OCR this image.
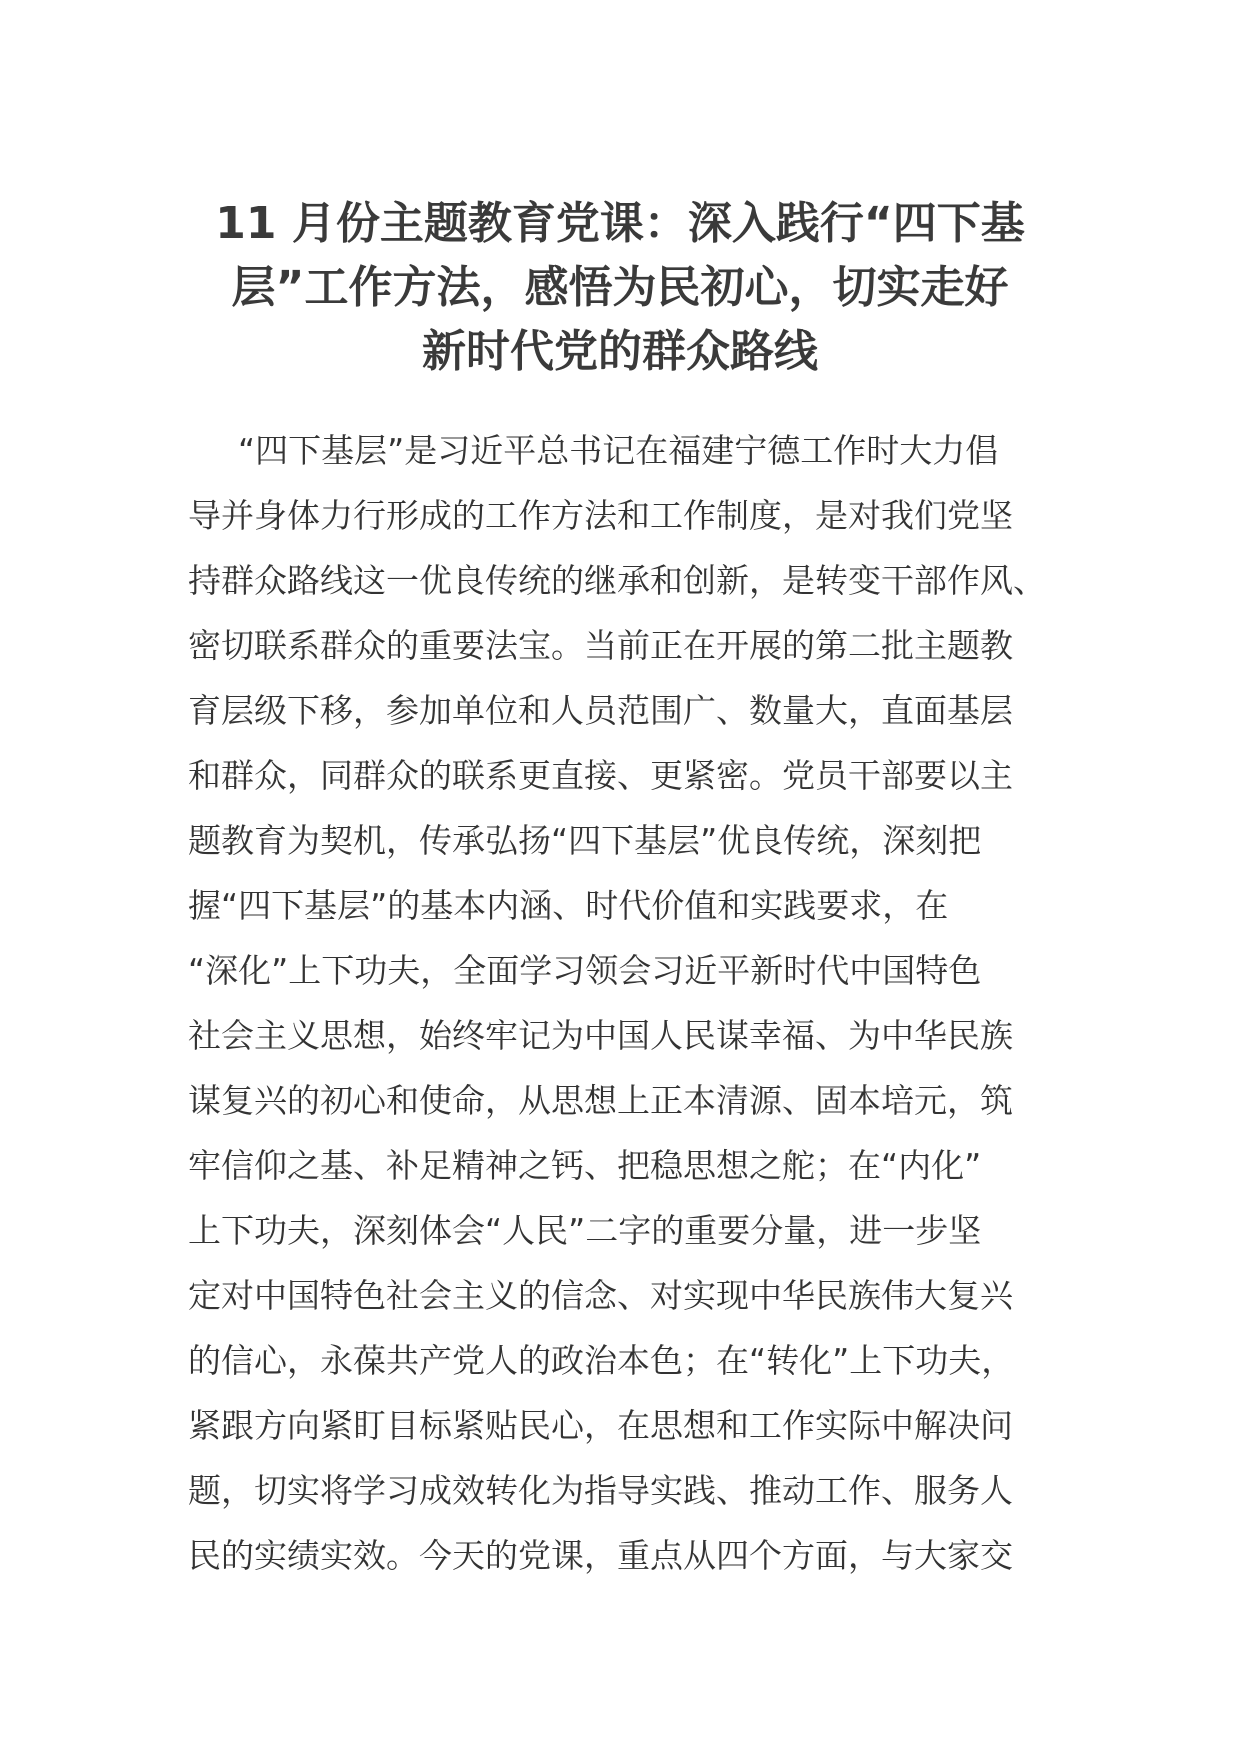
11 月份主题教育党课：深入践行“四下基
层”工作方法，感悟为民初心，切实走好
新时代党的群众路线
“四下基层”是习近平总书记在福建宁德工作时大力倡
导并身体力行形成的工作方法和工作制度，是对我们党坚
持群众路线这一优良传统的继承和创新，是转变干部作风、
密切联系群众的重要法宝。当前正在开展的第二批主题教
育层级下移，参加单位和人员范围广、数量大，直面基层
和群众，同群众的联系更直接、更紧密。党员干部要以主
题教育为契机，传承弘扬“四下基层”优良传统，深刻把
握“四下基层”的基本内涵、时代价值和实践要求，在
“深化”上下功夫，全面学习领会习近平新时代中国特色
社会主义思想，始终牢记为中国人民谋幸福、为中华民族
谋复兴的初心和使命，从思想上正本清源、固本培元，筑
牢信仰之基、补足精神之钙、把稳思想之舵；在“内化”
上下功夫，深刻体会“人民”二字的重要分量，进一步坚
定对中国特色社会主义的信念、对实现中华民族伟大复兴
的信心，永葆共产党人的政治本色；在“转化”上下功夫，
紧跟方向紧盯目标紧贴民心，在思想和工作实际中解决问
题，切实将学习成效转化为指导实践、推动工作、服务人
民的实绩实效。今天的党课，重点从四个方面，与大家交
